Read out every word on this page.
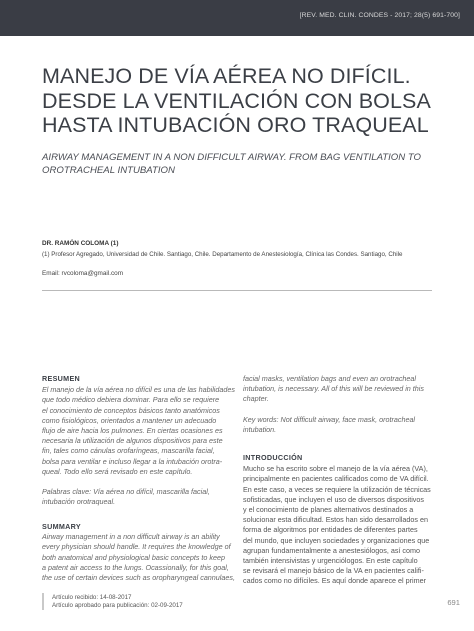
[REV. MED. CLIN. CONDES - 2017; 28(5) 691-700]
MANEJO DE VÍA AÉREA NO DIFÍCIL.
DESDE LA VENTILACIÓN CON BOLSA
HASTA INTUBACIÓN ORO TRAQUEAL
AIRWAY MANAGEMENT IN A NON DIFFICULT AIRWAY. FROM BAG VENTILATION TO
OROTRACHEAL INTUBATION
DR. RAMÓN COLOMA (1)
(1) Profesor Agregado, Universidad de Chile. Santiago, Chile. Departamento de Anestesiología, Clínica las Condes. Santiago, Chile
Email: rvcoloma@gmail.com
RESUMEN

El manejo de la vía aérea no difícil es una de las habilidades
que todo médico debiera dominar. Para ello se requiere
el conocimiento de conceptos básicos tanto anatómicos
como fisiológicos, orientados a mantener un adecuado
flujo de aire hacia los pulmones. En ciertas ocasiones es
necesaria la utilización de algunos dispositivos para este
fin, tales como cánulas orofaríngeas, mascarilla facial,
bolsa para ventilar e incluso llegar a la intubación orotra-
queal. Todo ello será revisado en este capítulo.

Palabras clave: Vía aérea no difícil, mascarilla facial,
intubación orotraqueal.

SUMMARY
Airway management in a non difficult airway is an ability
every physician should handle. It requires the knowledge of
both anatomical and physiological basic concepts to keep
a patent air access to the lungs. Ocassionally, for this goal,
the use of certain devices such as oropharyngeal cannulaes,

facial masks, ventilation bags and even an orotracheal
intubation, is necessary. All of this will be reviewed in this
chapter.

Key words: Not difficult airway, face mask, orotracheal
intubation.

INTRODUCCIÓN
Mucho se ha escrito sobre el manejo de la vía aérea (VA),
principalmente en pacientes calificados como de VA difícil.
En este caso, a veces se requiere la utilización de técnicas
sofisticadas, que incluyen el uso de diversos dispositivos
y el conocimiento de planes alternativos destinados a
solucionar esta dificultad. Estos han sido desarrollados en
forma de algoritmos por entidades de diferentes partes
del mundo, que incluyen sociedades y organizaciones que
agrupan fundamentalmente a anestesiólogos, así como
también intensivistas y urgenciólogos. En este capítulo
se revisará el manejo básico de la VA en pacientes califi-
cados como no difíciles. Es aquí donde aparece el primer
Artículo recibido: 14-08-2017
Artículo aprobado para publicación: 02-09-2017	691
